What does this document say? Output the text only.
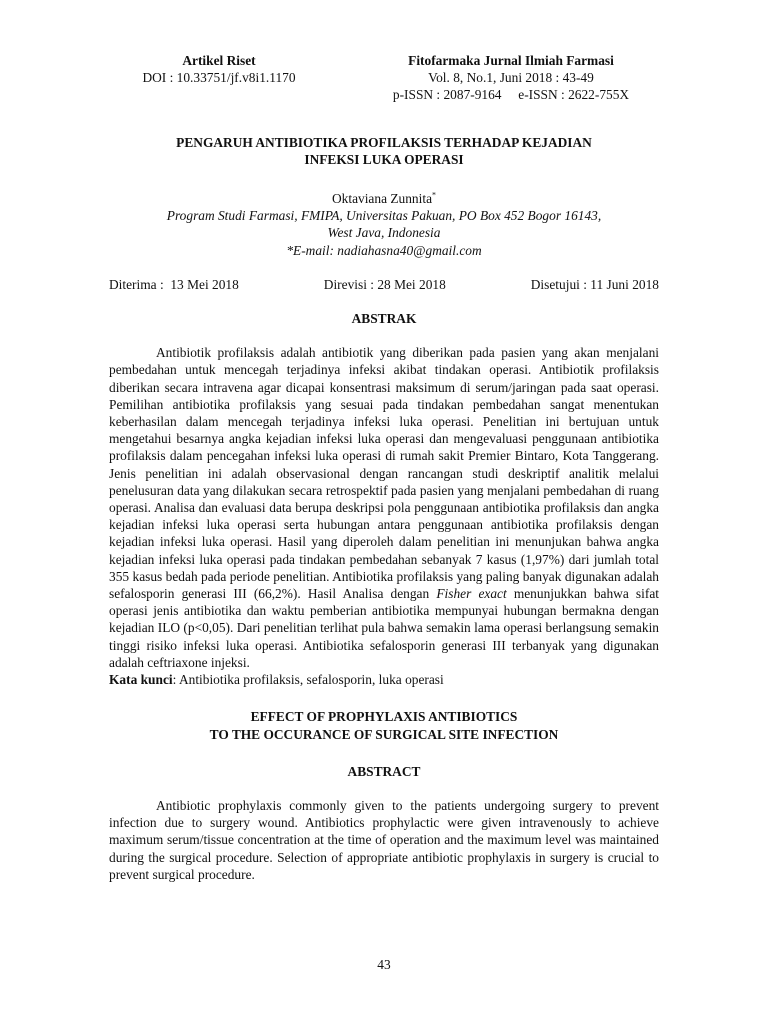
Artikel Riset
DOI : 10.33751/jf.v8i1.1170
Fitofarmaka Jurnal Ilmiah Farmasi
Vol. 8, No.1, Juni 2018 : 43-49
p-ISSN : 2087-9164     e-ISSN : 2622-755X
PENGARUH ANTIBIOTIKA PROFILAKSIS TERHADAP KEJADIAN
INFEKSI LUKA OPERASI
Oktaviana Zunnita*
Program Studi Farmasi, FMIPA, Universitas Pakuan, PO Box 452 Bogor 16143,
West Java, Indonesia
*E-mail: nadiahasna40@gmail.com
Diterima :  13 Mei 2018	Direvisi : 28 Mei 2018	Disetujui : 11 Juni 2018
ABSTRAK
Antibiotik profilaksis adalah antibiotik yang diberikan pada pasien yang akan menjalani pembedahan untuk mencegah terjadinya infeksi akibat tindakan operasi. Antibiotik profilaksis diberikan secara intravena agar dicapai konsentrasi maksimum di serum/jaringan pada saat operasi. Pemilihan antibiotika profilaksis yang sesuai pada tindakan pembedahan sangat menentukan keberhasilan dalam mencegah terjadinya infeksi luka operasi. Penelitian ini bertujuan untuk mengetahui besarnya angka kejadian infeksi luka operasi dan mengevaluasi penggunaan antibiotika profilaksis dalam pencegahan infeksi luka operasi di rumah sakit Premier Bintaro, Kota Tanggerang. Jenis penelitian ini adalah observasional dengan rancangan studi deskriptif analitik melalui penelusuran data yang dilakukan secara retrospektif pada pasien yang menjalani pembedahan di ruang operasi. Analisa dan evaluasi data berupa deskripsi pola penggunaan antibiotika profilaksis dan angka kejadian infeksi luka operasi serta hubungan antara penggunaan antibiotika profilaksis dengan kejadian infeksi luka operasi. Hasil yang diperoleh dalam penelitian ini menunjukan bahwa angka kejadian infeksi luka operasi pada tindakan pembedahan sebanyak 7 kasus (1,97%) dari jumlah total 355 kasus bedah pada periode penelitian. Antibiotika profilaksis yang paling banyak digunakan adalah sefalosporin generasi III (66,2%). Hasil Analisa dengan Fisher exact menunjukkan bahwa sifat operasi jenis antibiotika dan waktu pemberian antibiotika mempunyai hubungan bermakna dengan kejadian ILO (p<0,05). Dari penelitian terlihat pula bahwa semakin lama operasi berlangsung semakin tinggi risiko infeksi luka operasi. Antibiotika sefalosporin generasi III terbanyak yang digunakan adalah ceftriaxone injeksi.
Kata kunci: Antibiotika profilaksis, sefalosporin, luka operasi
EFFECT OF PROPHYLAXIS ANTIBIOTICS
TO THE OCCURANCE OF SURGICAL SITE INFECTION
ABSTRACT
Antibiotic prophylaxis commonly given to the patients undergoing surgery to prevent infection due to surgery wound. Antibiotics prophylactic were given intravenously to achieve maximum serum/tissue concentration at the time of operation and the maximum level was maintained during the surgical procedure. Selection of appropriate antibiotic prophylaxis in surgery is crucial to prevent surgical procedure.
43
